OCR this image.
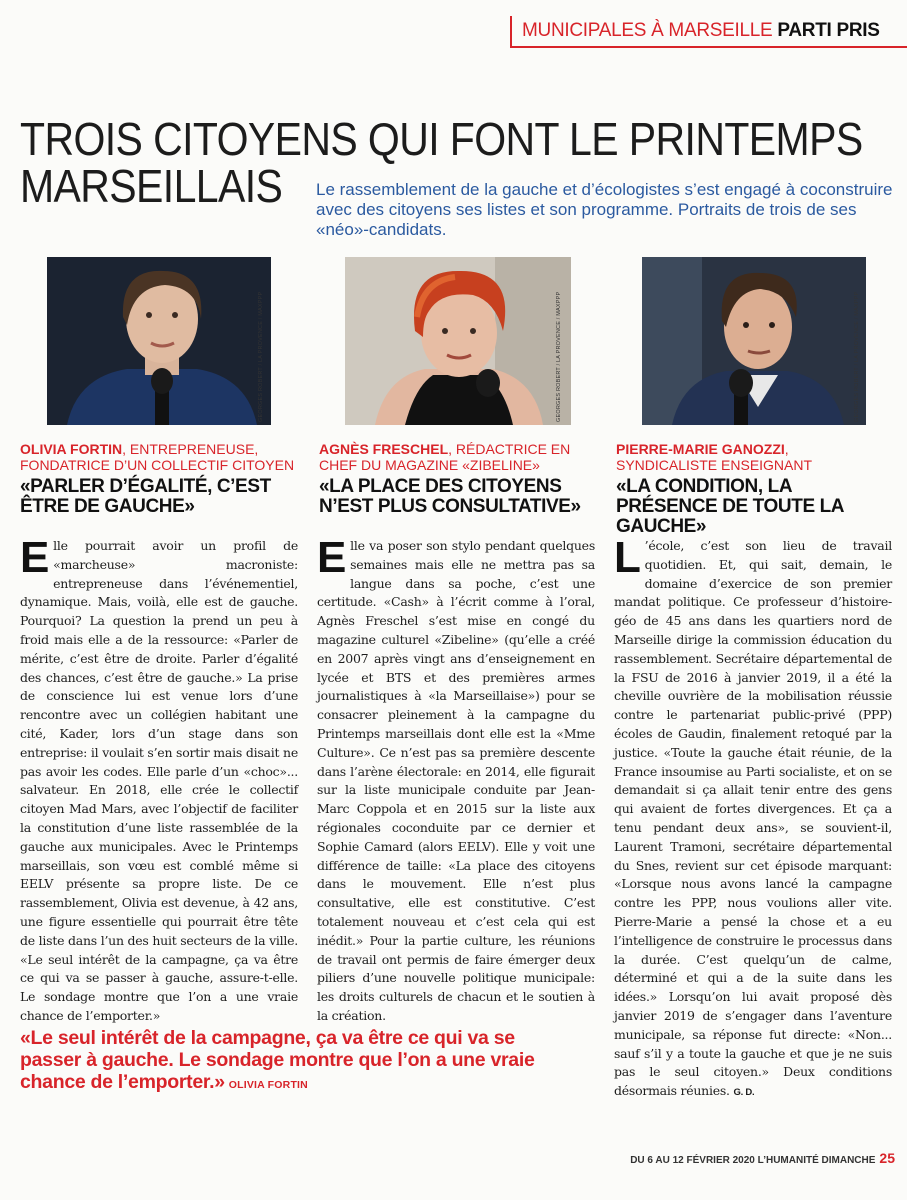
MUNICIPALES À MARSEILLE PARTI PRIS
TROIS CITOYENS QUI FONT LE PRINTEMPS MARSEILLAIS	Le rassemblement de la gauche et d’écologistes s’est engagé à coconstruire avec des citoyens ses listes et son programme. Portraits de trois de ses «néo»-candidats.

GEORGES ROBERT / LA PROVENCE / MAXPPP	GEORGES ROBERT / LA PROVENCE / MAXPPP	GEORGES ROBERT / LA PROVENCE / MAXPPP

OLIVIA FORTIN, ENTREPRENEUSE, FONDATRICE D’UN COLLECTIF CITOYEN

«PARLER D’ÉGALITÉ, C’EST ÊTRE DE GAUCHE»

Elle pourrait avoir un profil de «marcheuse» macroniste: entrepreneuse dans l’événementiel, dynamique. Mais, voilà, elle est de gauche. Pourquoi? La question la prend un peu à froid mais elle a de la ressource: «Parler de mérite, c’est être de droite. Parler d’égalité des chances, c’est être de gauche.» La prise de conscience lui est venue lors d’une rencontre avec un collégien habitant une cité, Kader, lors d’un stage dans son entreprise: il voulait s’en sortir mais disait ne pas avoir les codes. Elle parle d’un «choc»... salvateur. En 2018, elle crée le collectif citoyen Mad Mars, avec l’objectif de faciliter la constitution d’une liste rassemblée de la gauche aux municipales. Avec le Printemps marseillais, son vœu est comblé même si EELV présente sa propre liste. De ce rassemblement, Olivia est devenue, à 42 ans, une figure essentielle qui pourrait être tête de liste dans l’un des huit secteurs de la ville. «Le seul intérêt de la campagne, ça va être ce qui va se passer à gauche, assure-t-elle. Le sondage montre que l’on a une vraie chance de l’emporter.»

AGNÈS FRESCHEL, RÉDACTRICE EN CHEF DU MAGAZINE «ZIBELINE»

«LA PLACE DES CITOYENS N’EST PLUS CONSULTATIVE»

Elle va poser son stylo pendant quelques semaines mais elle ne mettra pas sa langue dans sa poche, c’est une certitude. «Cash» à l’écrit comme à l’oral, Agnès Freschel s’est mise en congé du magazine culturel «Zibeline» (qu’elle a créé en 2007 après vingt ans d’enseignement en lycée et BTS et des premières armes journalistiques à «la Marseillaise») pour se consacrer pleinement à la campagne du Printemps marseillais dont elle est la «Mme Culture». Ce n’est pas sa première descente dans l’arène électorale: en 2014, elle figurait sur la liste municipale conduite par Jean-Marc Coppola et en 2015 sur la liste aux régionales coconduite par ce dernier et Sophie Camard (alors EELV). Elle y voit une différence de taille: «La place des citoyens dans le mouvement. Elle n’est plus consultative, elle est constitutive. C’est totalement nouveau et c’est cela qui est inédit.» Pour la partie culture, les réunions de travail ont permis de faire émerger deux piliers d’une nouvelle politique municipale: les droits culturels de chacun et le soutien à la création.

PIERRE-MARIE GANOZZI, SYNDICALISTE ENSEIGNANT

«LA CONDITION, LA PRÉSENCE DE TOUTE LA GAUCHE»

L ’école, c’est son lieu de travail quotidien. Et, qui sait, demain, le domaine d’exercice de son premier mandat politique. Ce professeur d’histoire-géo de 45 ans dans les quartiers nord de Marseille dirige la commission éducation du rassemblement. Secrétaire départemental de la FSU de 2016 à janvier 2019, il a été la cheville ouvrière de la mobilisation réussie contre le partenariat public-privé (PPP) écoles de Gaudin, finalement retoqué par la justice. «Toute la gauche était réunie, de la France insoumise au Parti socialiste, et on se demandait si ça allait tenir entre des gens qui avaient de fortes divergences. Et ça a tenu pendant deux ans», se souvient-il, Laurent Tramoni, secrétaire départemental du Snes, revient sur cet épisode marquant: «Lorsque nous avons lancé la campagne contre les PPP, nous voulions aller vite. Pierre-Marie a pensé la chose et a eu l’intelligence de construire le processus dans la durée. C’est quelqu’un de calme, déterminé et qui a de la suite dans les idées.» Lorsqu’on lui avait proposé dès janvier 2019 de s’engager dans l’aventure municipale, sa réponse fut directe: «Non... sauf s’il y a toute la gauche et que je ne suis pas le seul citoyen.» Deux conditions désormais réunies. G. D.

«Le seul intérêt de la campagne, ça va être ce qui va se passer à gauche. Le sondage montre que l’on a une vraie chance de l’emporter.» OLIVIA FORTIN

DU 6 AU 12 FÉVRIER 2020 L’HUMANITÉ DIMANCHE 25
